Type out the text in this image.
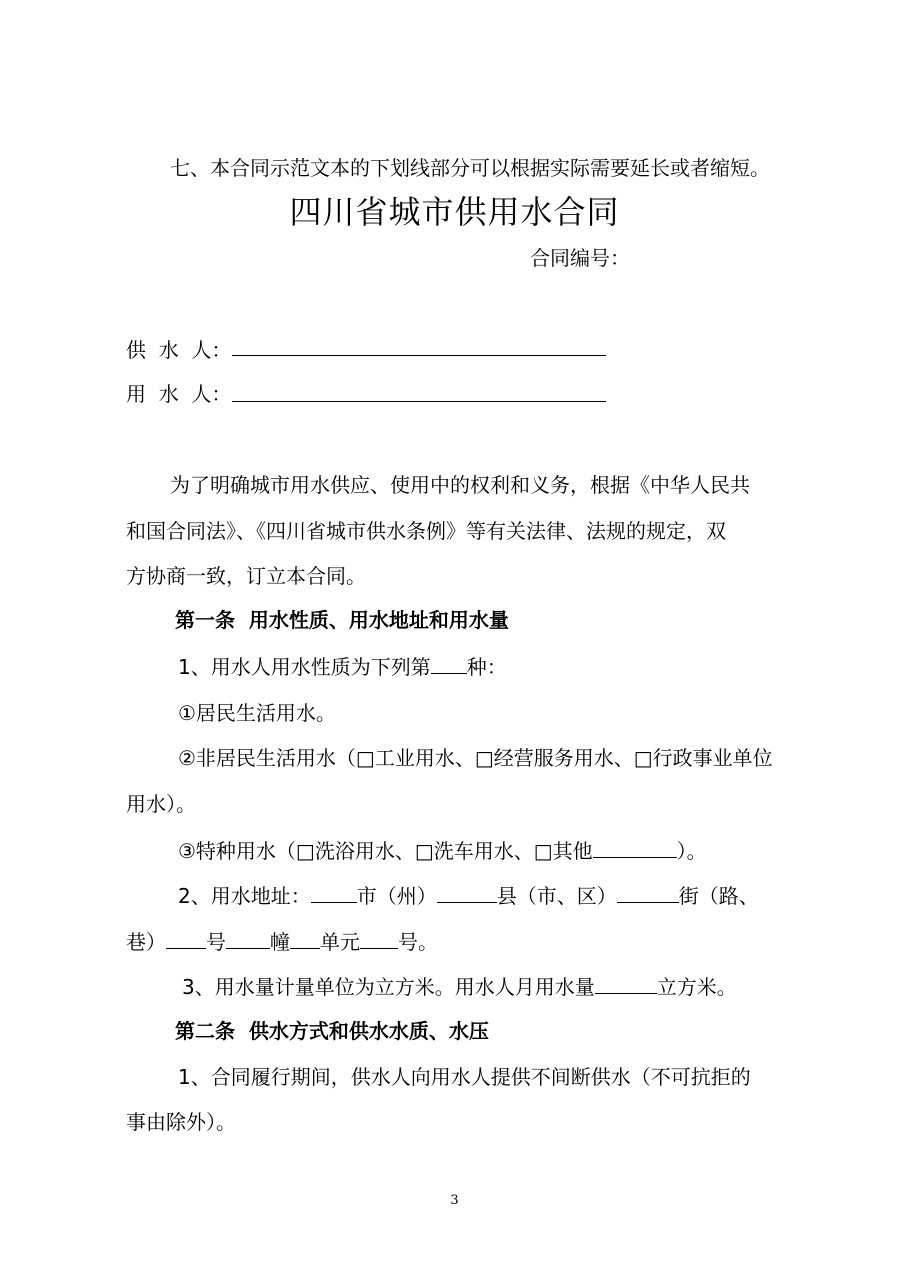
七、本合同示范文本的下划线部分可以根据实际需要延长或者缩短。
四川省城市供用水合同
合同编号：
供  水  人：
用  水  人：
为了明确城市用水供应、使用中的权利和义务，根据《中华人民共
和国合同法》、《四川省城市供水条例》等有关法律、法规的规定，双
方协商一致，订立本合同。
第一条  用水性质、用水地址和用水量
1、用水人用水性质为下列第 种：
①居民生活用水。
②非居民生活用水（□工业用水、□经营服务用水、□行政事业单位
用水）。
③特种用水（□洗浴用水、□洗车用水、□其他	）。
2、用水地址： 市（州）	县（市、区）	街（路、
巷） 号 幢 单元 号。
3、用水量计量单位为立方米。用水人月用水量	立方米。
第二条  供水方式和供水水质、水压
1、合同履行期间，供水人向用水人提供不间断供水（不可抗拒的
事由除外）。
3
